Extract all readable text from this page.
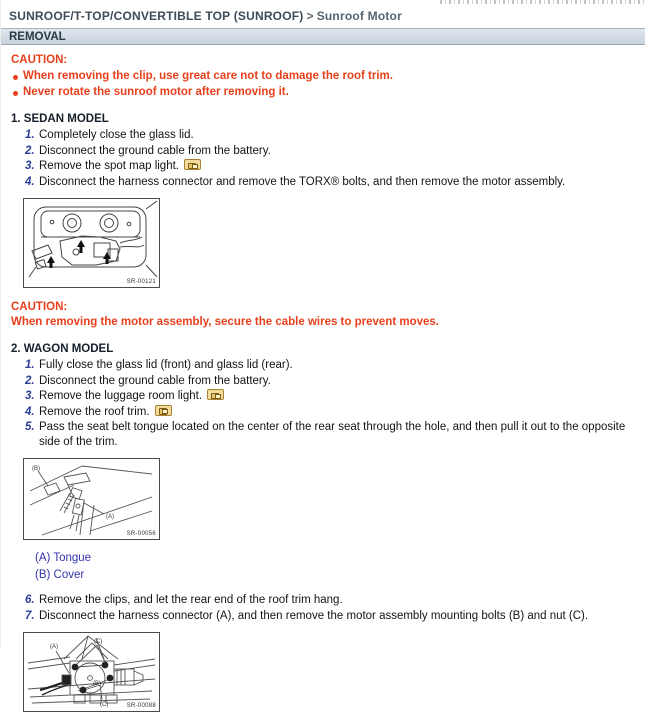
SUNROOF/T-TOP/CONVERTIBLE TOP (SUNROOF) > Sunroof Motor
REMOVAL
CAUTION:
When removing the clip, use great care not to damage the roof trim.
Never rotate the sunroof motor after removing it.
1. SEDAN MODEL
1. Completely close the glass lid.
2. Disconnect the ground cable from the battery.
3. Remove the spot map light.
4. Disconnect the harness connector and remove the TORX® bolts, and then remove the motor assembly.
SR-00121
CAUTION:
When removing the motor assembly, secure the cable wires to prevent moves.
2. WAGON MODEL
1. Fully close the glass lid (front) and glass lid (rear).
2. Disconnect the ground cable from the battery.
3. Remove the luggage room light.
4. Remove the roof trim.
5. Pass the seat belt tongue located on the center of the rear seat through the hole, and then pull it out to the opposite side of the trim.
(B)
(A)
SR-00056
(A) Tongue
(B) Cover
6. Remove the clips, and let the rear end of the roof trim hang.
7. Disconnect the harness connector (A), and then remove the motor assembly mounting bolts (B) and nut (C).
(A)
(C)
(B)
(C)	SR-00088
